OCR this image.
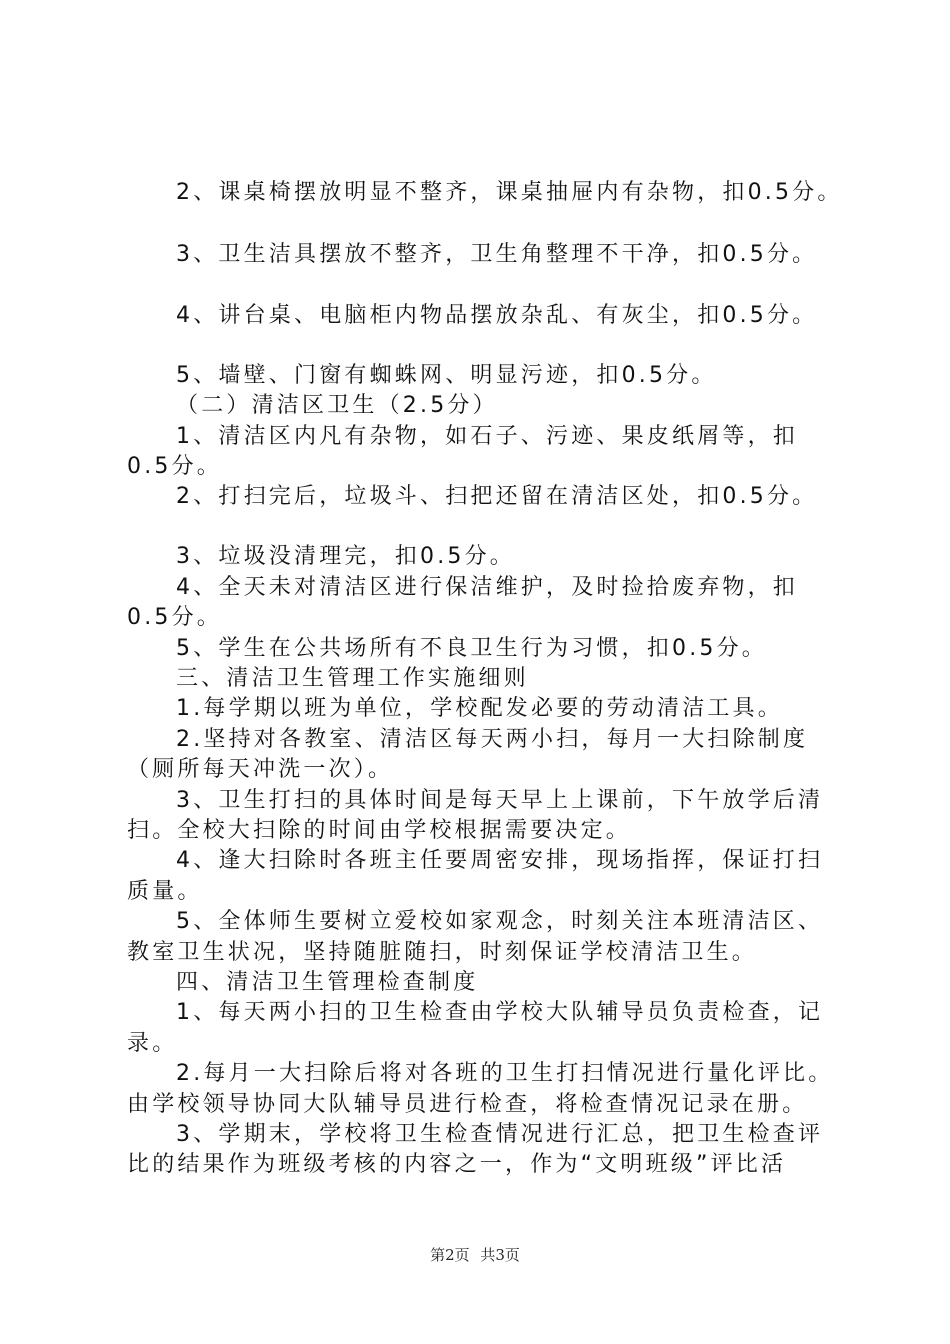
2、课桌椅摆放明显不整齐，课桌抽屉内有杂物，扣0.5分。
3、卫生洁具摆放不整齐，卫生角整理不干净，扣0.5分。
4、讲台桌、电脑柜内物品摆放杂乱、有灰尘，扣0.5分。
5、墙壁、门窗有蜘蛛网、明显污迹，扣0.5分。
（二）清洁区卫生（2.5分）
1、清洁区内凡有杂物，如石子、污迹、果皮纸屑等，扣
0.5分。
2、打扫完后，垃圾斗、扫把还留在清洁区处，扣0.5分。
3、垃圾没清理完，扣0.5分。
4、全天未对清洁区进行保洁维护，及时捡拾废弃物，扣
0.5分。
5、学生在公共场所有不良卫生行为习惯，扣0.5分。
三、清洁卫生管理工作实施细则
1.每学期以班为单位，学校配发必要的劳动清洁工具。
2.坚持对各教室、清洁区每天两小扫，每月一大扫除制度
（厕所每天冲洗一次）。
3、卫生打扫的具体时间是每天早上上课前，下午放学后清
扫。全校大扫除的时间由学校根据需要决定。
4、逢大扫除时各班主任要周密安排，现场指挥，保证打扫
质量。
5、全体师生要树立爱校如家观念，时刻关注本班清洁区、
教室卫生状况，坚持随脏随扫，时刻保证学校清洁卫生。
四、清洁卫生管理检查制度
1、每天两小扫的卫生检查由学校大队辅导员负责检查，记
录。
2.每月一大扫除后将对各班的卫生打扫情况进行量化评比。
由学校领导协同大队辅导员进行检查，将检查情况记录在册。
3、学期末，学校将卫生检查情况进行汇总，把卫生检查评
比的结果作为班级考核的内容之一，作为“文明班级”评比活
第2页 共3页
